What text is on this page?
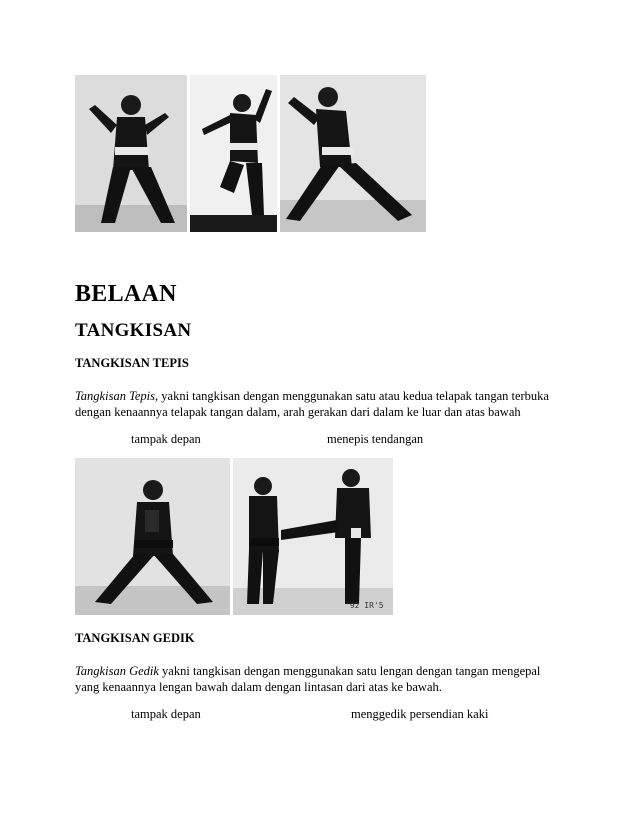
BELAAN
TANGKISAN
TANGKISAN TEPIS
Tangkisan Tepis, yakni tangkisan dengan menggunakan satu atau kedua telapak tangan terbuka
dengan kenaannya telapak tangan dalam, arah gerakan dari dalam ke luar dan atas bawah
tampak depan	menepis tendangan
'92 IR'5
TANGKISAN GEDIK
Tangkisan Gedik yakni tangkisan dengan menggunakan satu lengan dengan tangan mengepal
yang kenaannya lengan bawah dalam dengan lintasan dari atas ke bawah.
tampak depan	menggedik persendian kaki
